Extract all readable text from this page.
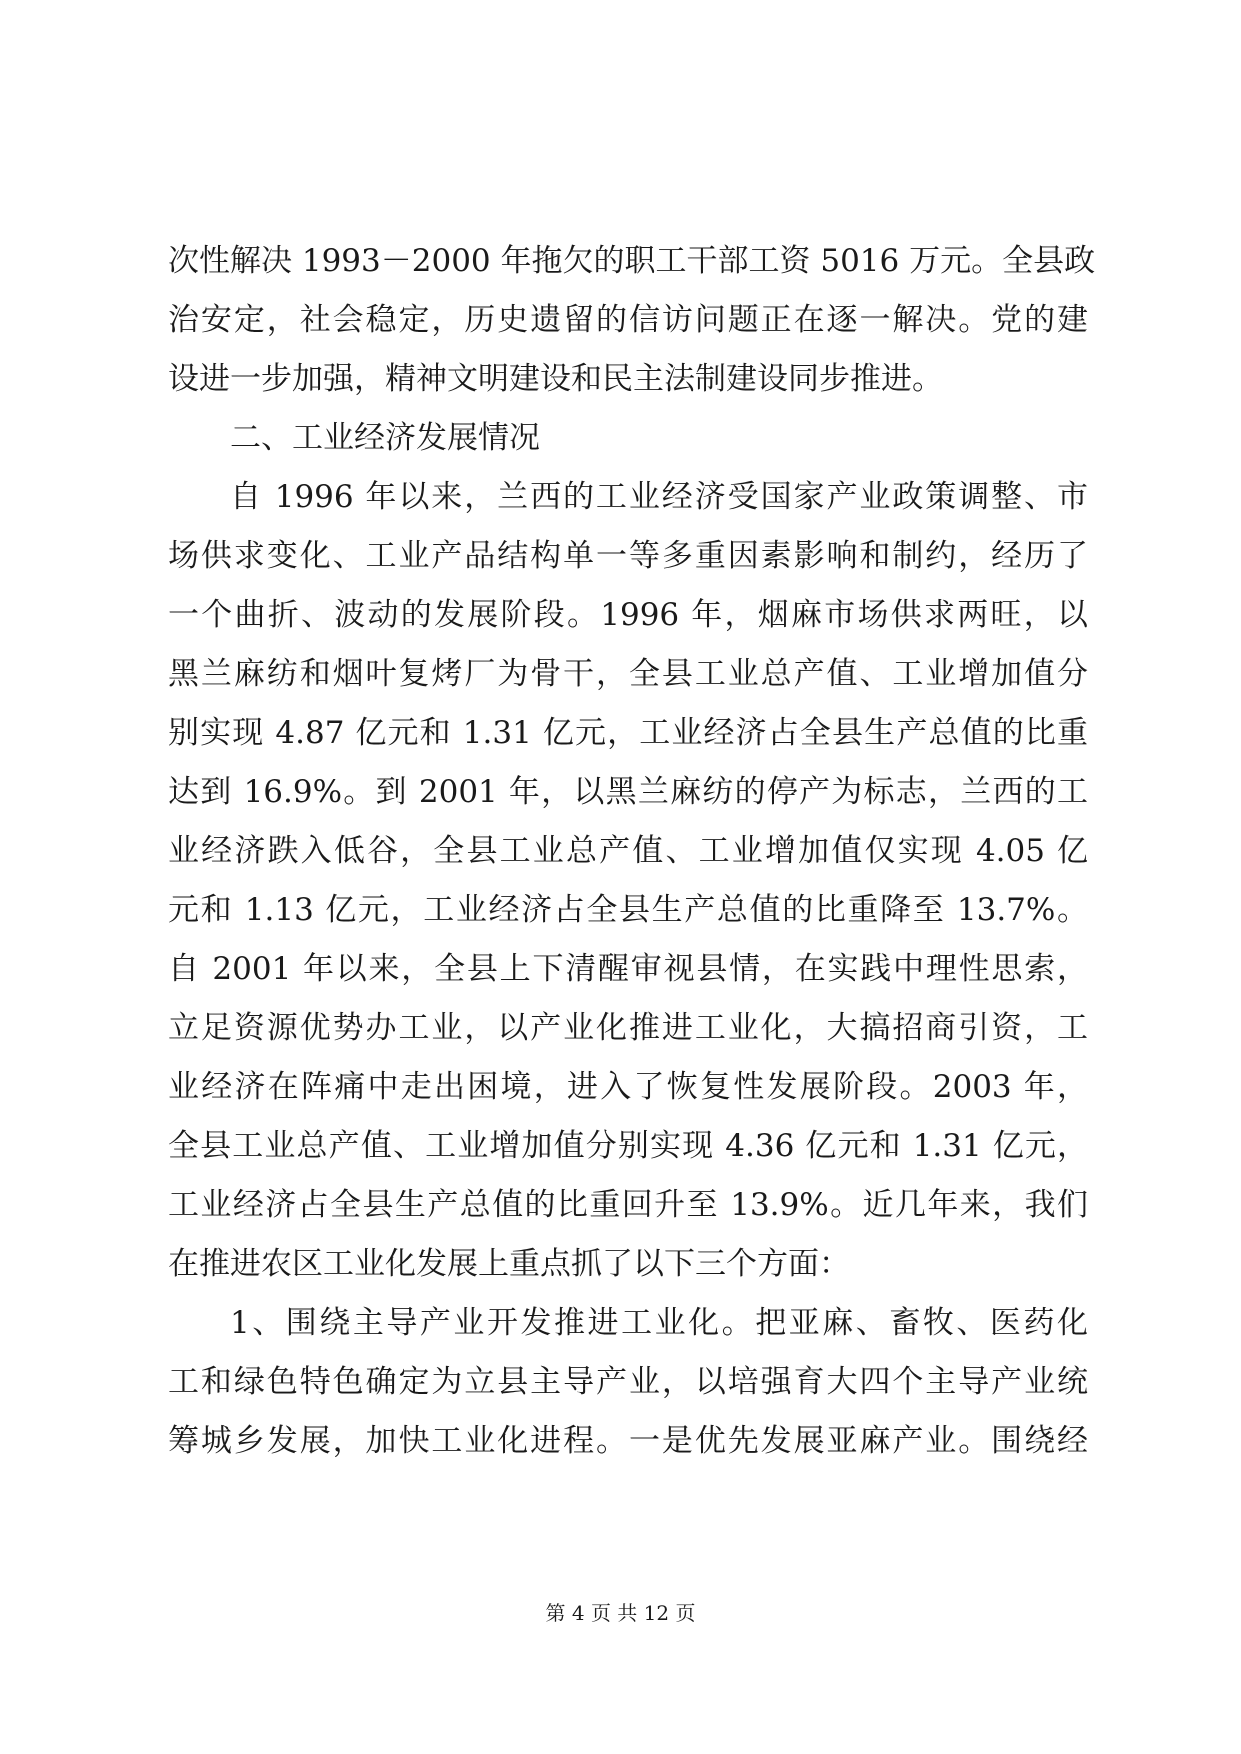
次性解决 1993－2000 年拖欠的职工干部工资 5016 万元。全县政
治安定，社会稳定，历史遗留的信访问题正在逐一解决。党的建
设进一步加强，精神文明建设和民主法制建设同步推进。
二、工业经济发展情况
自 1996 年以来，兰西的工业经济受国家产业政策调整、市
场供求变化、工业产品结构单一等多重因素影响和制约，经历了
一个曲折、波动的发展阶段。1996 年，烟麻市场供求两旺，以
黑兰麻纺和烟叶复烤厂为骨干，全县工业总产值、工业增加值分
别实现 4.87 亿元和 1.31 亿元，工业经济占全县生产总值的比重
达到 16.9%。到 2001 年，以黑兰麻纺的停产为标志，兰西的工
业经济跌入低谷，全县工业总产值、工业增加值仅实现 4.05 亿
元和 1.13 亿元，工业经济占全县生产总值的比重降至 13.7%。
自 2001 年以来，全县上下清醒审视县情，在实践中理性思索，
立足资源优势办工业，以产业化推进工业化，大搞招商引资，工
业经济在阵痛中走出困境，进入了恢复性发展阶段。2003 年，
全县工业总产值、工业增加值分别实现 4.36 亿元和 1.31 亿元，
工业经济占全县生产总值的比重回升至 13.9%。近几年来，我们
在推进农区工业化发展上重点抓了以下三个方面：
1、围绕主导产业开发推进工业化。把亚麻、畜牧、医药化
工和绿色特色确定为立县主导产业，以培强育大四个主导产业统
筹城乡发展，加快工业化进程。一是优先发展亚麻产业。围绕经
第 4 页 共 12 页
